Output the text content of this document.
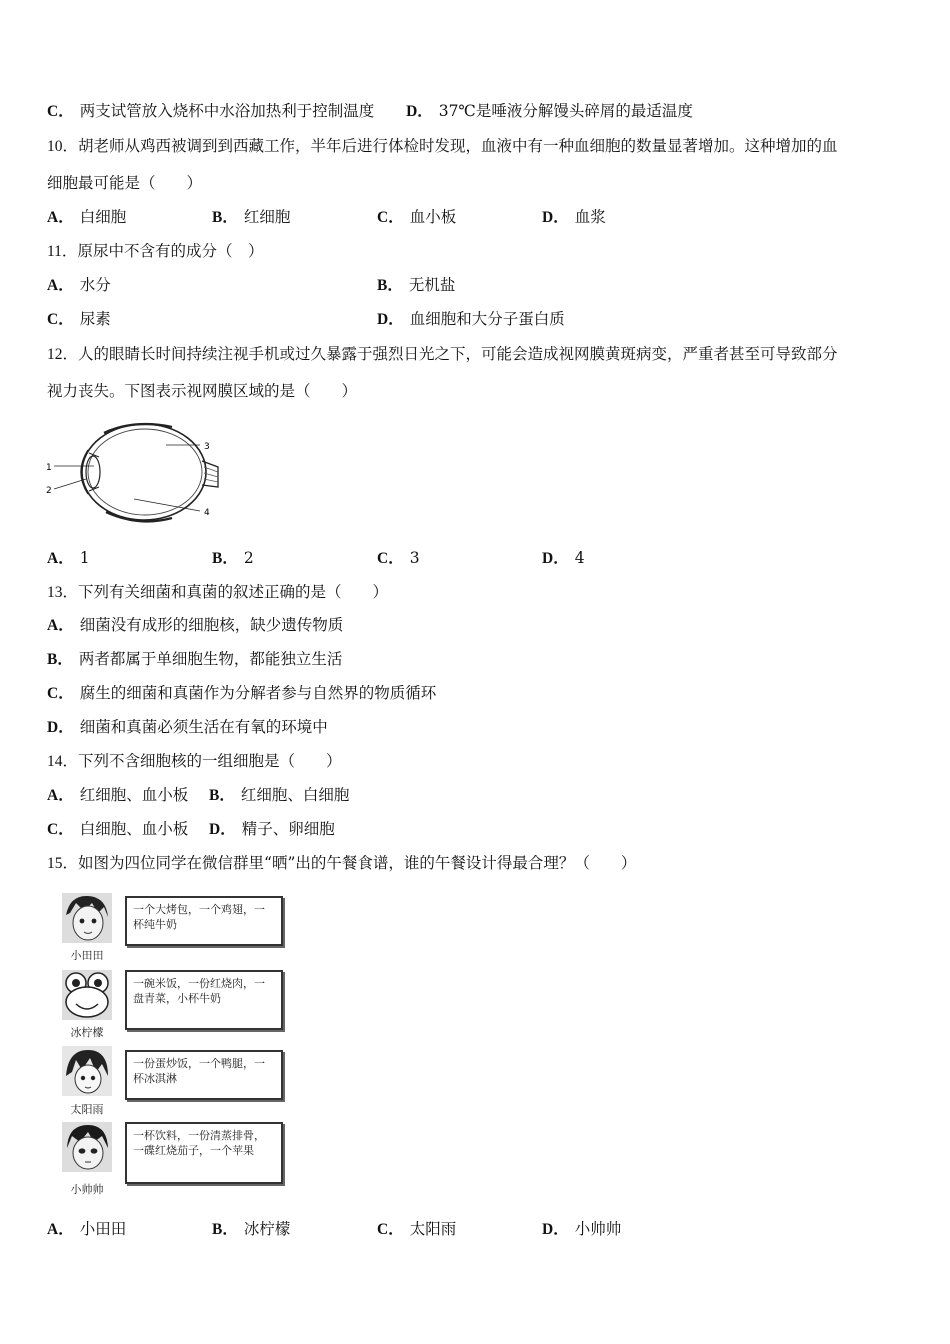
C． 两支试管放入烧杯中水浴加热利于控制温度 D． 37℃是唾液分解馒头碎屑的最适温度
10．胡老师从鸡西被调到到西藏工作，半年后进行体检时发现，血液中有一种血细胞的数量显著增加。这种增加的血
细胞最可能是（　　）
A． 白细胞	B． 红细胞	C． 血小板	D． 血浆
11．原尿中不含有的成分（　）
A． 水分	B． 无机盐
C． 尿素	D． 血细胞和大分子蛋白质
12．人的眼睛长时间持续注视手机或过久暴露于强烈日光之下，可能会造成视网膜黄斑病变，严重者甚至可导致部分
视力丧失。下图表示视网膜区域的是（　　）
1
2
3
4
A． 1	B． 2	C． 3	D． 4
13．下列有关细菌和真菌的叙述正确的是（　　）
A． 细菌没有成形的细胞核，缺少遗传物质
B． 两者都属于单细胞生物，都能独立生活
C． 腐生的细菌和真菌作为分解者参与自然界的物质循环
D． 细菌和真菌必须生活在有氧的环境中
14．下列不含细胞核的一组细胞是（　　）
A． 红细胞、血小板 B． 红细胞、白细胞
C． 白细胞、血小板 D． 精子、卵细胞
15．如图为四位同学在微信群里“晒”出的午餐食谱，谁的午餐设计得最合理？（　　）
小田田
一个大烤包，一个鸡翅，一杯纯牛奶
冰柠檬
一碗米饭，一份红烧肉，一盘青菜，小杯牛奶
太阳雨
一份蛋炒饭，一个鸭腿，一杯冰淇淋
小帅帅
一杯饮料，一份清蒸排骨，一碟红烧茄子，一个苹果
A． 小田田	B． 冰柠檬	C． 太阳雨	D． 小帅帅
